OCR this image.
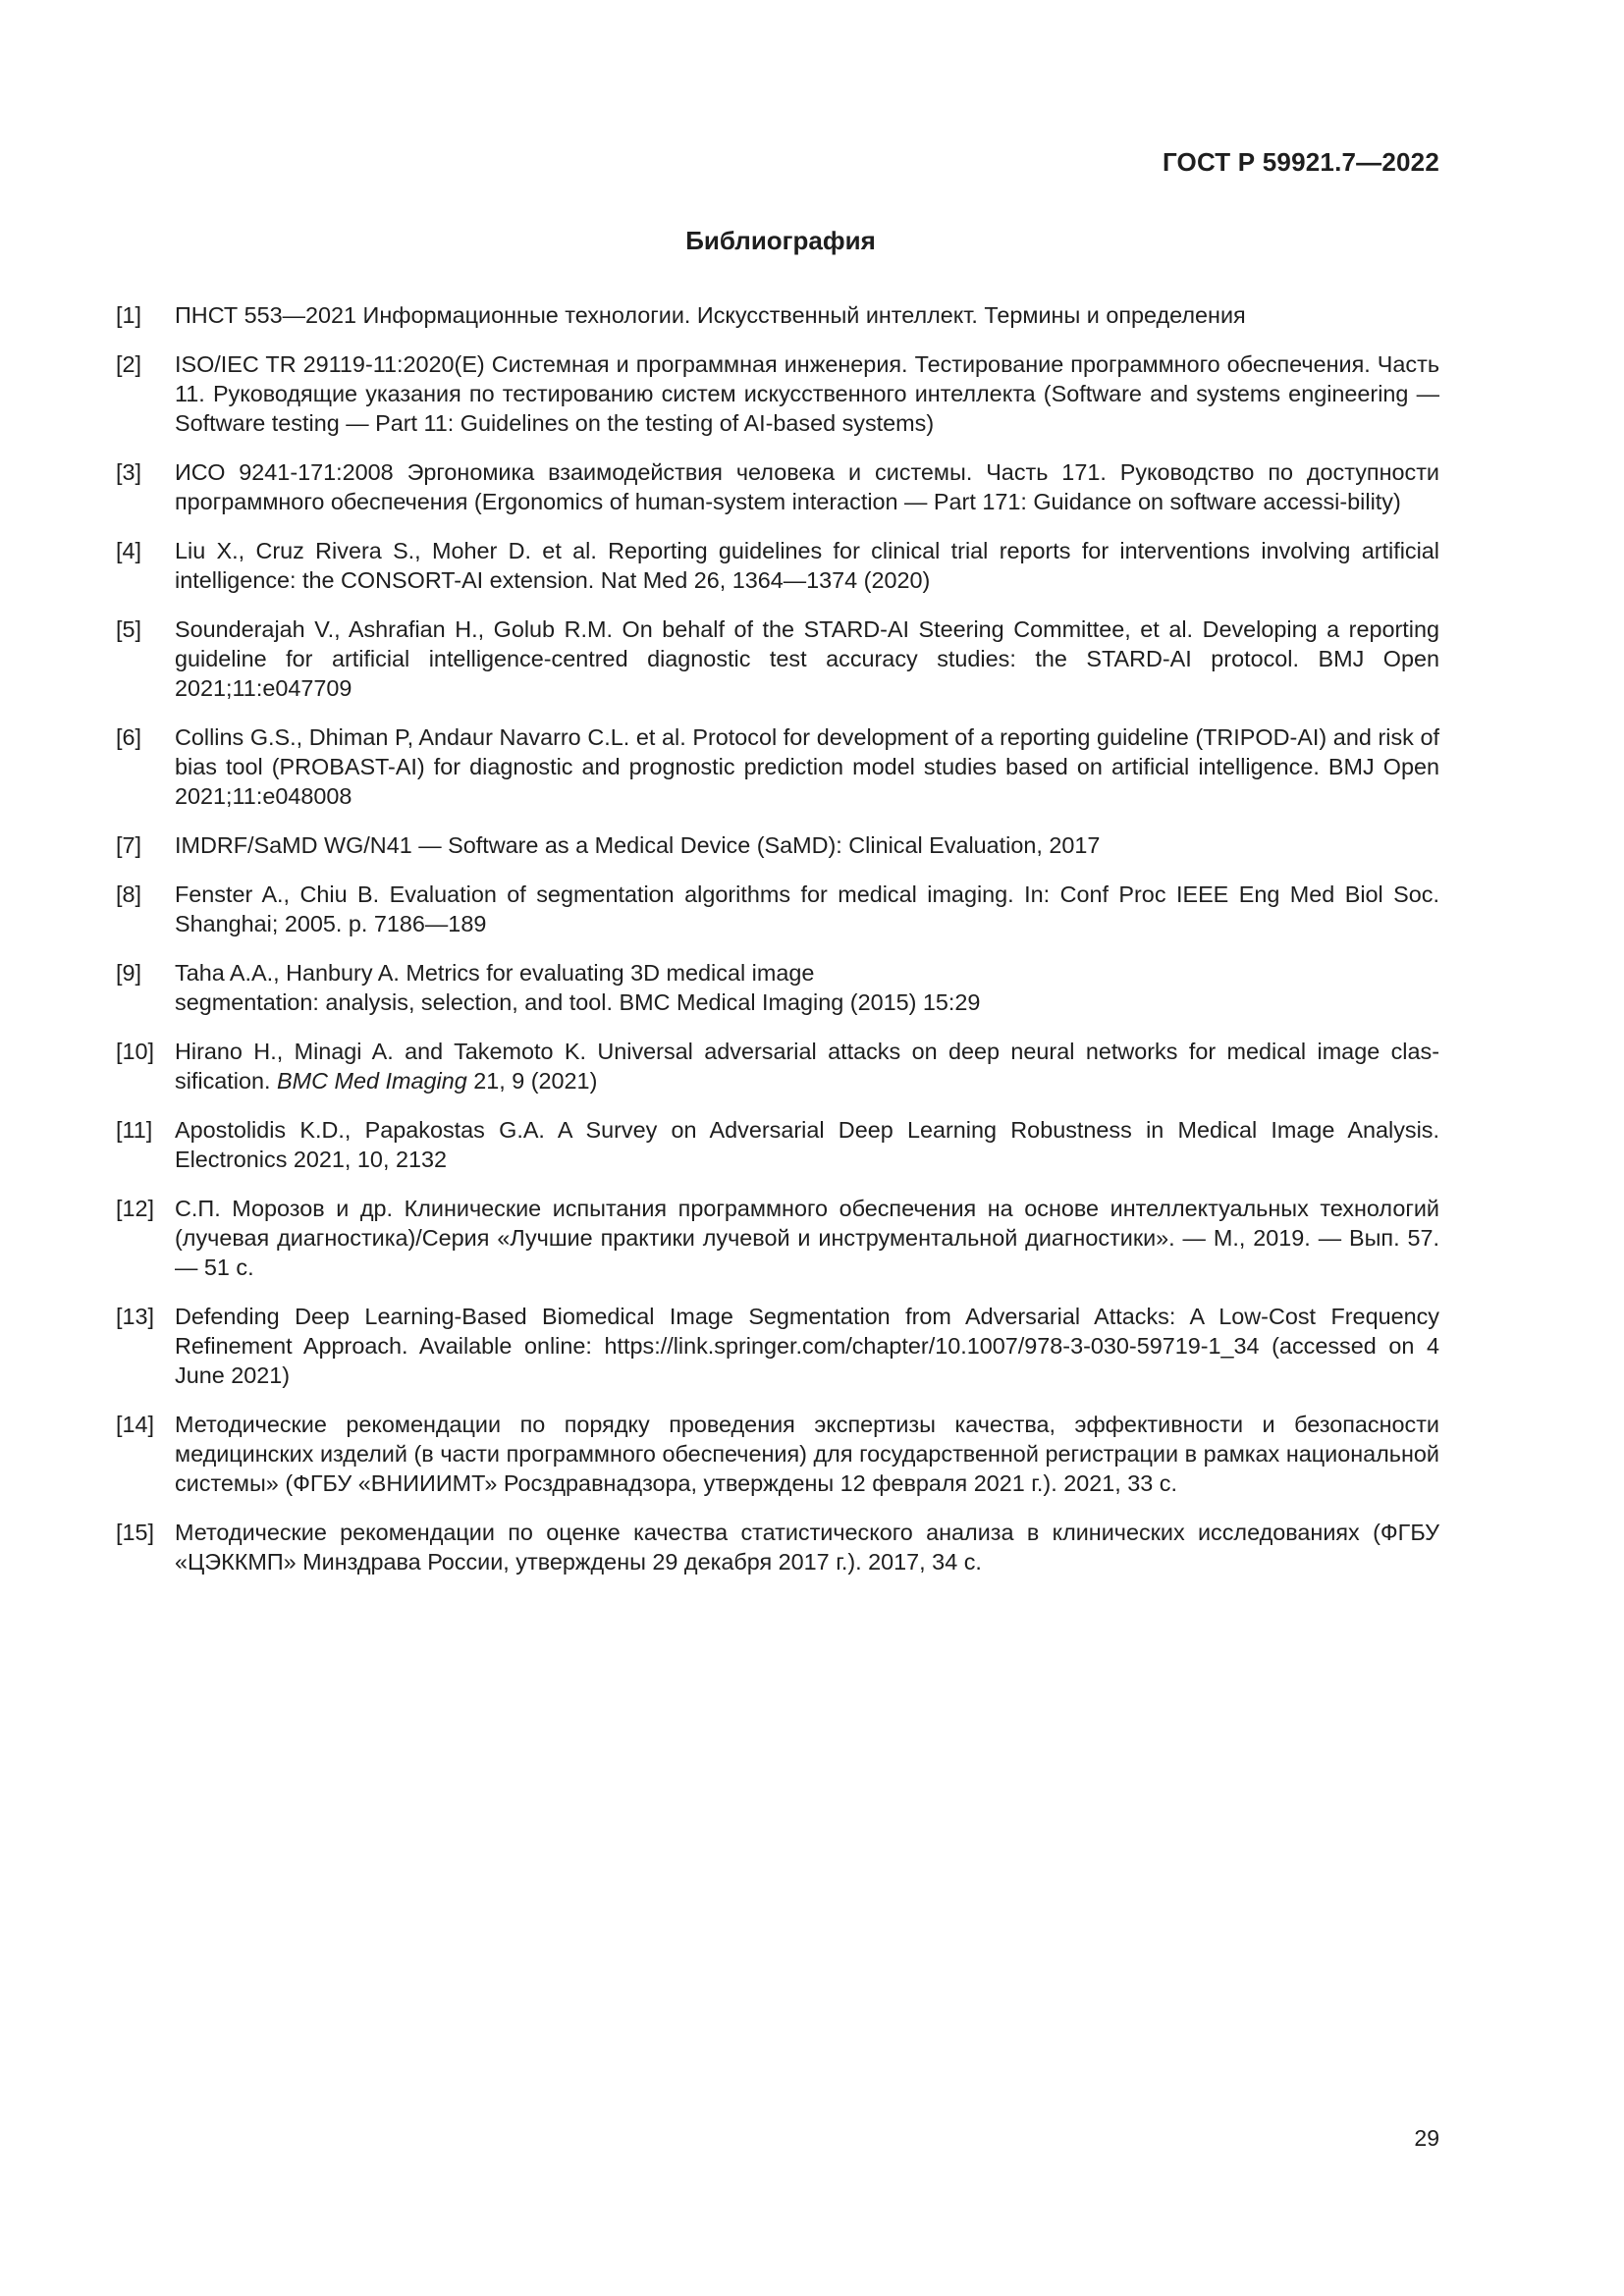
ГОСТ Р 59921.7—2022
Библиография
[1]	ПНСТ 553—2021 Информационные технологии. Искусственный интеллект. Термины и определения
[2]	ISO/IEC TR 29119-11:2020(E) Системная и программная инженерия. Тестирование программного обеспечения. Часть 11. Руководящие указания по тестированию систем искусственного интеллекта (Software and systems engineering — Software testing — Part 11: Guidelines on the testing of AI-based systems)
[3]	ИСО 9241-171:2008 Эргономика взаимодействия человека и системы. Часть 171. Руководство по доступности программного обеспечения (Ergonomics of human-system interaction — Part 171: Guidance on software accessi-bility)
[4]	Liu X., Cruz Rivera S., Moher D. et al. Reporting guidelines for clinical trial reports for interventions involving artificial intelligence: the CONSORT-AI extension. Nat Med 26, 1364—1374 (2020)
[5]	Sounderajah V., Ashrafian H., Golub R.M. On behalf of the STARD-AI Steering Committee, et al. Developing a reporting guideline for artificial intelligence-centred diagnostic test accuracy studies: the STARD-AI protocol. BMJ Open 2021;11:e047709
[6]	Collins G.S., Dhiman P, Andaur Navarro C.L. et al. Protocol for development of a reporting guideline (TRIPOD-AI) and risk of bias tool (PROBAST-AI) for diagnostic and prognostic prediction model studies based on artificial intelligence. BMJ Open 2021;11:e048008
[7]	IMDRF/SaMD WG/N41 — Software as a Medical Device (SaMD): Clinical Evaluation, 2017
[8]	Fenster A., Chiu B. Evaluation of segmentation algorithms for medical imaging. In: Conf Proc IEEE Eng Med Biol Soc. Shanghai; 2005. p. 7186—189
[9]	Taha A.A., Hanbury A. Metrics for evaluating 3D medical image
segmentation: analysis, selection, and tool. BMC Medical Imaging (2015) 15:29
[10] Hirano H., Minagi A. and Takemoto K. Universal adversarial attacks on deep neural networks for medical image clas-sification. BMC Med Imaging 21, 9 (2021)
[11] Apostolidis K.D., Papakostas G.A. A Survey on Adversarial Deep Learning Robustness in Medical Image Analysis. Electronics 2021, 10, 2132
[12] С.П. Морозов и др. Клинические испытания программного обеспечения на основе интеллектуальных технологий (лучевая диагностика)/Серия «Лучшие практики лучевой и инструментальной диагностики». — М., 2019. — Вып. 57. — 51 с.
[13] Defending Deep Learning-Based Biomedical Image Segmentation from Adversarial Attacks: A Low-Cost Frequency Refinement Approach. Available online: https://link.springer.com/chapter/10.1007/978-3-030-59719-1_34 (accessed on 4 June 2021)
[14] Методические рекомендации по порядку проведения экспертизы качества, эффективности и безопасности медицинских изделий (в части программного обеспечения) для государственной регистрации в рамках национальной системы» (ФГБУ «ВНИИИМТ» Росздравнадзора, утверждены 12 февраля 2021 г.). 2021, 33 с.
[15] Методические рекомендации по оценке качества статистического анализа в клинических исследованиях (ФГБУ «ЦЭККМП» Минздрава России, утверждены 29 декабря 2017 г.). 2017, 34 с.
29
